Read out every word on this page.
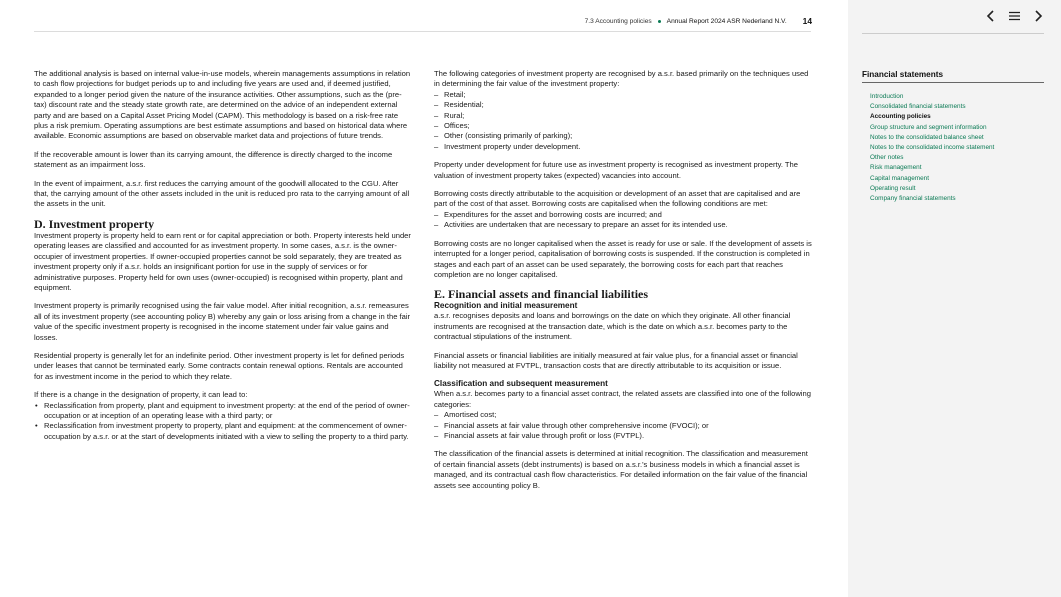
7.3 Accounting policies Annual Report 2024 ASR Nederland N.V. 14

The additional analysis is based on internal value-in-use models, wherein managements assumptions in relation to cash flow projections for budget periods up to and including five years are used and, if deemed justified, expanded to a longer period given the nature of the insurance activities. Other assumptions, such as the (pre-tax) discount rate and the steady state growth rate, are determined on the advice of an independent external party and are based on a Capital Asset Pricing Model (CAPM). This methodology is based on a risk-free rate plus a risk premium. Operating assumptions are best estimate assumptions and based on historical data where available. Economic assumptions are based on observable market data and projections of future trends.

If the recoverable amount is lower than its carrying amount, the difference is directly charged to the income statement as an impairment loss.

In the event of impairment, a.s.r. first reduces the carrying amount of the goodwill allocated to the CGU. After that, the carrying amount of the other assets included in the unit is reduced pro rata to the carrying amount of all the assets in the unit.

D. Investment property

Investment property is property held to earn rent or for capital appreciation or both. Property interests held under operating leases are classified and accounted for as investment property. In some cases, a.s.r. is the owner-occupier of investment properties. If owner-occupied properties cannot be sold separately, they are treated as investment property only if a.s.r. holds an insignificant portion for use in the supply of services or for administrative purposes. Property held for own uses (owner-occupied) is recognised within property, plant and equipment.

Investment property is primarily recognised using the fair value model. After initial recognition, a.s.r. remeasures all of its investment property (see accounting policy B) whereby any gain or loss arising from a change in the fair value of the specific investment property is recognised in the income statement under fair value gains and losses.

Residential property is generally let for an indefinite period. Other investment property is let for defined periods under leases that cannot be terminated early. Some contracts contain renewal options. Rentals are accounted for as investment income in the period to which they relate.

If there is a change in the designation of property, it can lead to:

• Reclassification from property, plant and equipment to investment property: at the end of the period of owner-occupation or at inception of an operating lease with a third party; or
• Reclassification from investment property to property, plant and equipment: at the commencement of owner-occupation by a.s.r. or at the start of developments initiated with a view to selling the property to a third party.

The following categories of investment property are recognised by a.s.r. based primarily on the techniques used in determining the fair value of the investment property:

– Retail;
– Residential;
– Rural;
– Offices;
– Other (consisting primarily of parking);
– Investment property under development.

Property under development for future use as investment property is recognised as investment property. The valuation of investment property takes (expected) vacancies into account.

Borrowing costs directly attributable to the acquisition or development of an asset that are capitalised and are part of the cost of that asset. Borrowing costs are capitalised when the following conditions are met:

– Expenditures for the asset and borrowing costs are incurred; and
– Activities are undertaken that are necessary to prepare an asset for its intended use.

Borrowing costs are no longer capitalised when the asset is ready for use or sale. If the development of assets is interrupted for a longer period, capitalisation of borrowing costs is suspended. If the construction is completed in stages and each part of an asset can be used separately, the borrowing costs for each part that reaches completion are no longer capitalised.

E. Financial assets and financial liabilities
Recognition and initial measurement

a.s.r. recognises deposits and loans and borrowings on the date on which they originate. All other financial instruments are recognised at the transaction date, which is the date on which a.s.r. becomes party to the contractual stipulations of the instrument.

Financial assets or financial liabilities are initially measured at fair value plus, for a financial asset or financial liability not measured at FVTPL, transaction costs that are directly attributable to its acquisition or issue.

Classification and subsequent measurement

When a.s.r. becomes party to a financial asset contract, the related assets are classified into one of the following categories:

– Amortised cost;
– Financial assets at fair value through other comprehensive income (FVOCI); or
– Financial assets at fair value through profit or loss (FVTPL).

The classification of the financial assets is determined at initial recognition. The classification and measurement of certain financial assets (debt instruments) is based on a.s.r.'s business models in which a financial asset is managed, and its contractual cash flow characteristics. For detailed information on the fair value of the financial assets see accounting policy B.

Financial statements
Introduction
Consolidated financial statements
Accounting policies
Group structure and segment information
Notes to the consolidated balance sheet
Notes to the consolidated income statement
Other notes
Risk management
Capital management
Operating result
Company financial statements
